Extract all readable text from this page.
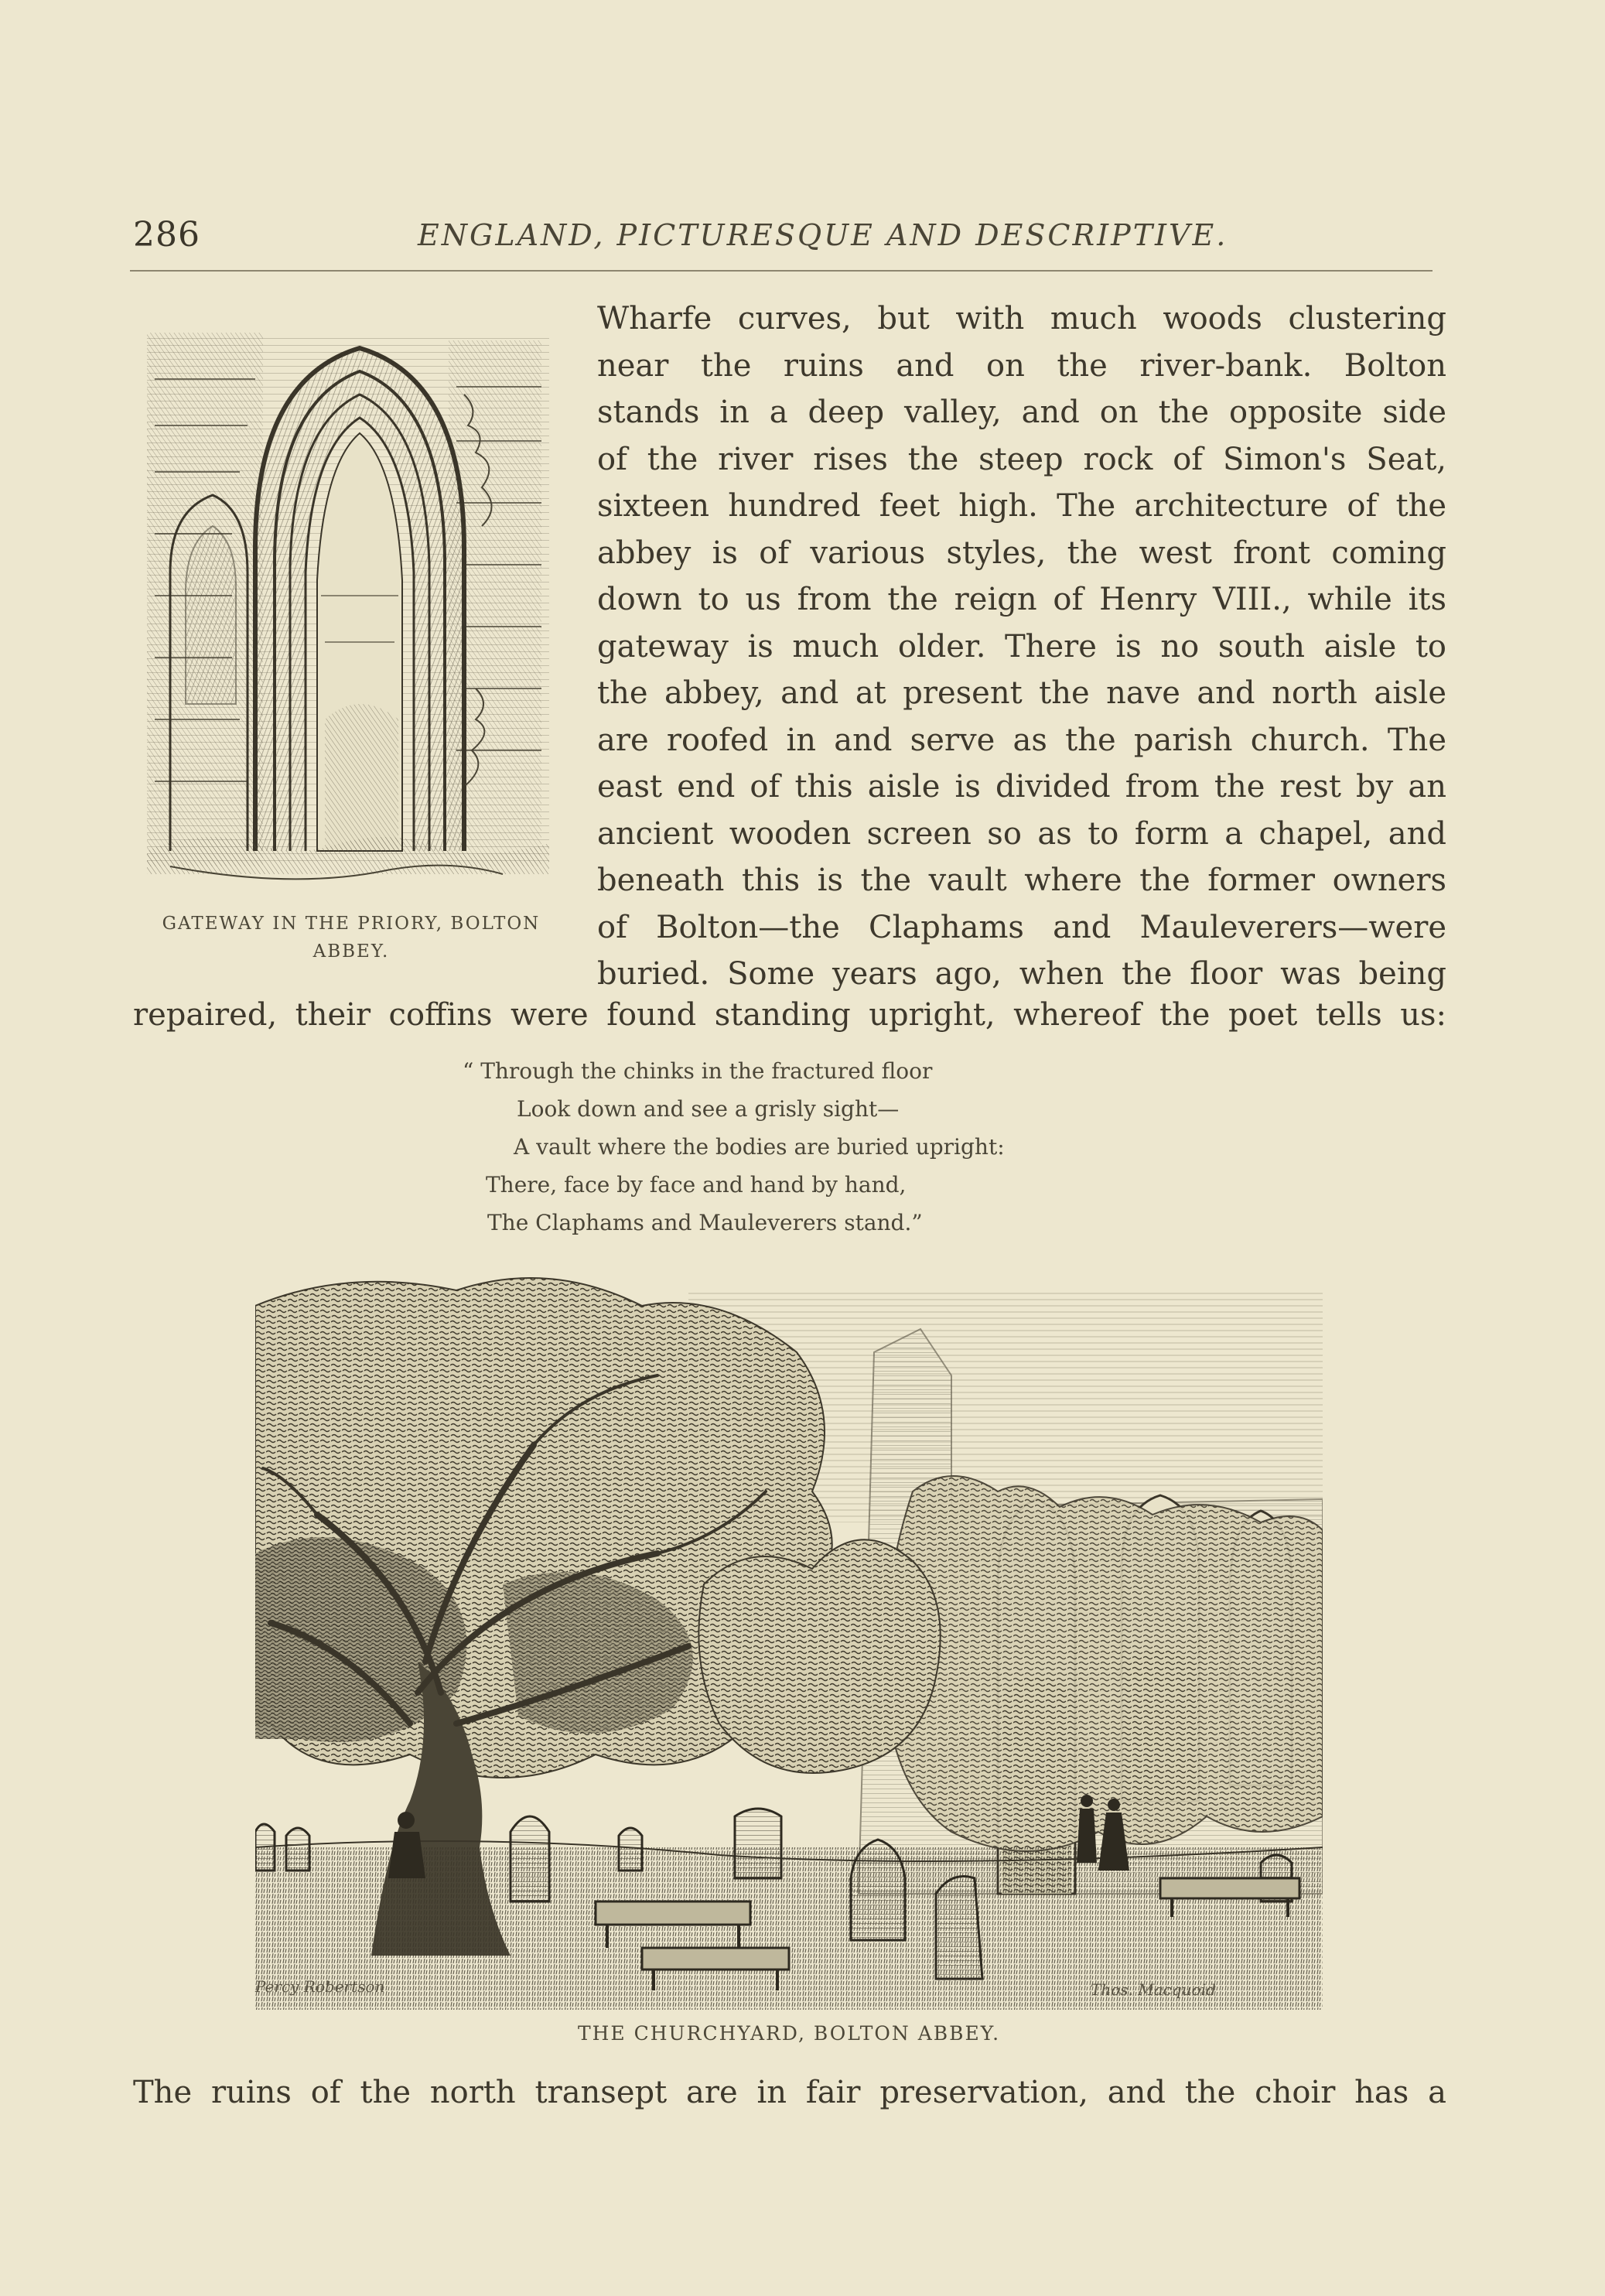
286	ENGLAND, PICTURESQUE AND DESCRIPTIVE.
GATEWAY IN THE PRIORY, BOLTON ABBEY.
Wharfe curves, but with much woods clustering
near the ruins and on the river-bank. Bolton
stands in a deep valley, and on the opposite side
of the river rises the steep rock of Simon's Seat,
sixteen hundred feet high. The architecture of the
abbey is of various styles, the west front coming
down to us from the reign of Henry VIII., while its
gateway is much older. There is no south aisle to
the abbey, and at present the nave and north aisle
are roofed in and serve as the parish church. The
east end of this aisle is divided from the rest by an
ancient wooden screen so as to form a chapel, and
beneath this is the vault where the former owners
of Bolton—the Claphams and Mauleverers—were
buried. Some years ago, when the floor was being
repaired, their coffins were found standing upright, whereof the poet tells us:
“ Through the chinks in the fractured floor
Look down and see a grisly sight—
A vault where the bodies are buried upright:
There, face by face and hand by hand,
The Claphams and Mauleverers stand.”
Percy Robertson	Thos. Macquoid
THE CHURCHYARD, BOLTON ABBEY.
The ruins of the north transept are in fair preservation, and the choir has a
